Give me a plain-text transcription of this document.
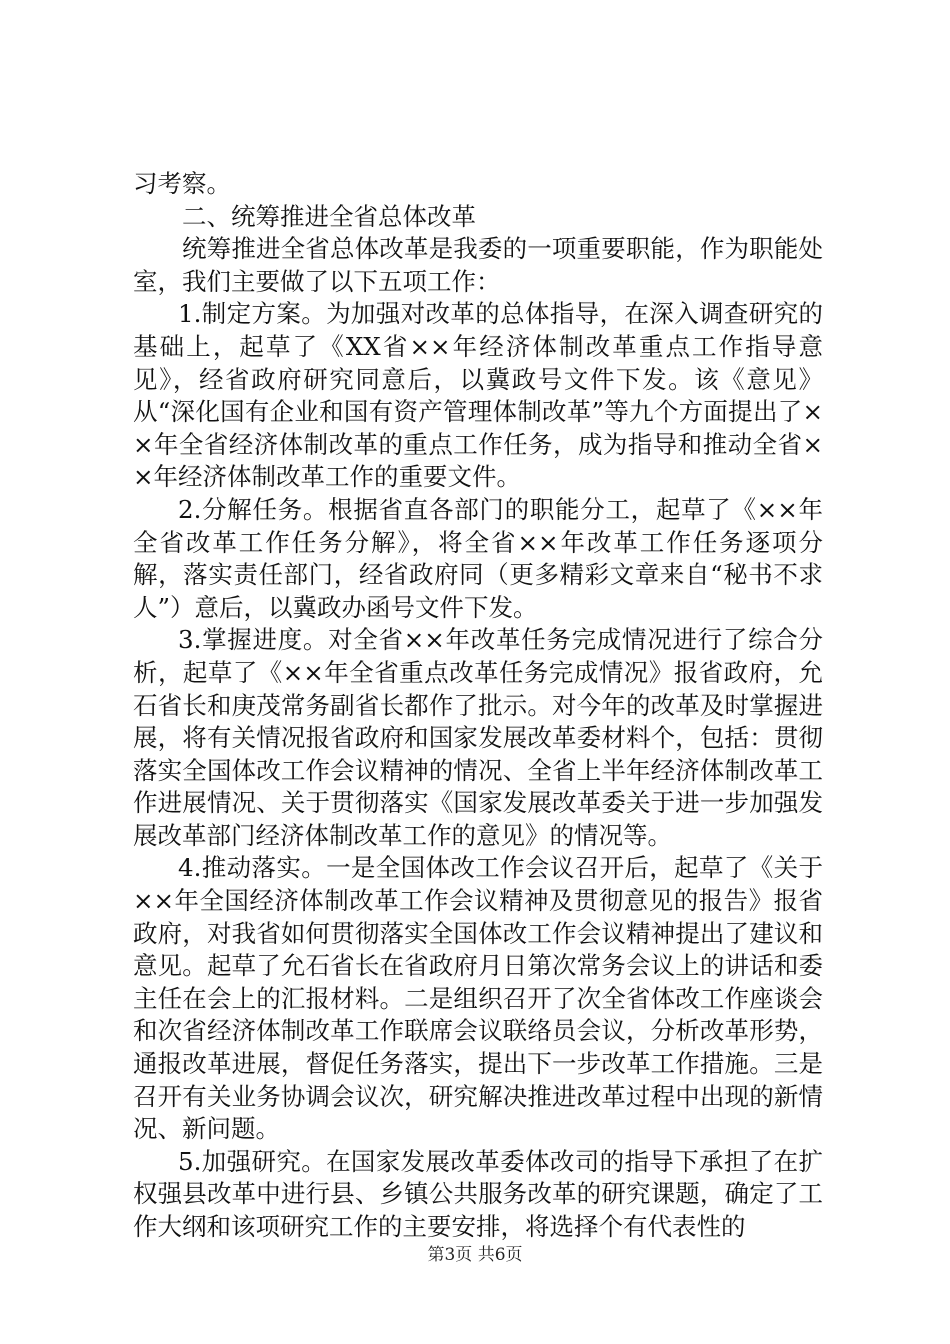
习考察。

二、统筹推进全省总体改革

统筹推进全省总体改革是我委的一项重要职能，作为职能处室，我们主要做了以下五项工作：

1.制定方案。为加强对改革的总体指导，在深入调查研究的基础上，起草了《XX省××年经济体制改革重点工作指导意见》，经省政府研究同意后，以冀政号文件下发。该《意见》从“深化国有企业和国有资产管理体制改革”等九个方面提出了××年全省经济体制改革的重点工作任务，成为指导和推动全省××年经济体制改革工作的重要文件。

2.分解任务。根据省直各部门的职能分工，起草了《××年全省改革工作任务分解》，将全省××年改革工作任务逐项分解，落实责任部门，经省政府同（更多精彩文章来自“秘书不求人”）意后，以冀政办函号文件下发。

3.掌握进度。对全省××年改革任务完成情况进行了综合分析，起草了《××年全省重点改革任务完成情况》报省政府，允石省长和庚茂常务副省长都作了批示。对今年的改革及时掌握进展，将有关情况报省政府和国家发展改革委材料个，包括：贯彻落实全国体改工作会议精神的情况、全省上半年经济体制改革工作进展情况、关于贯彻落实《国家发展改革委关于进一步加强发展改革部门经济体制改革工作的意见》的情况等。

4.推动落实。一是全国体改工作会议召开后，起草了《关于××年全国经济体制改革工作会议精神及贯彻意见的报告》报省政府，对我省如何贯彻落实全国体改工作会议精神提出了建议和意见。起草了允石省长在省政府月日第次常务会议上的讲话和委主任在会上的汇报材料。二是组织召开了次全省体改工作座谈会和次省经济体制改革工作联席会议联络员会议，分析改革形势，通报改革进展，督促任务落实，提出下一步改革工作措施。三是召开有关业务协调会议次，研究解决推进改革过程中出现的新情况、新问题。

5.加强研究。在国家发展改革委体改司的指导下承担了在扩权强县改革中进行县、乡镇公共服务改革的研究课题，确定了工作大纲和该项研究工作的主要安排，将选择个有代表性的

第3页 共6页
